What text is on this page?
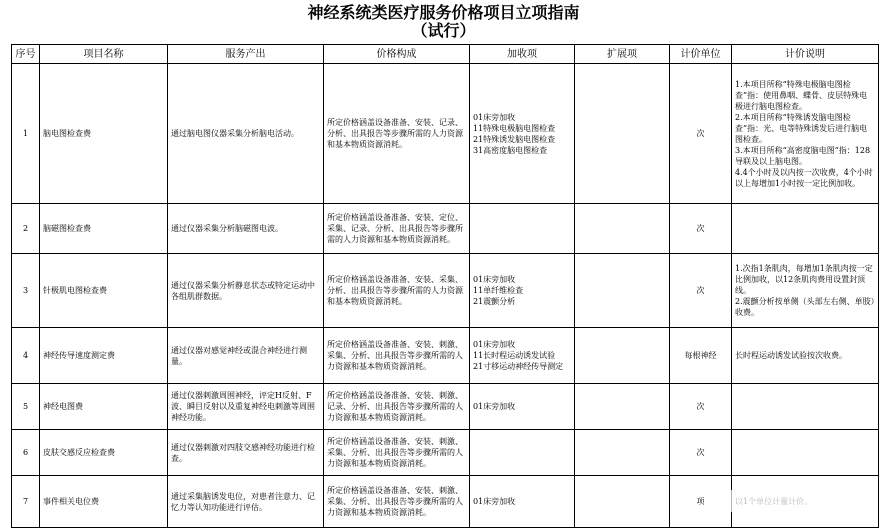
神经系统类医疗服务价格项目立项指南
（试行）
序号	项目名称	服务产出	价格构成	加收项	扩展项	计价单位	计价说明
1	脑电图检查费	通过脑电图仪器采集分析脑电活动。	所定价格涵盖设备准备、安装、记录、分析、出具报告等步骤所需的人力资源和基本物质资源消耗。	01床旁加收
11特殊电极脑电图检查
21特殊诱发脑电图检查
31高密度脑电图检查		次	1.本项目所称“特殊电极脑电图检查”指：使用鼻咽、蝶骨、皮层特殊电极进行脑电图检查。
2.本项目所称“特殊诱发脑电图检查”指：光、电等特殊诱发后进行脑电图检查。
3.本项目所称“高密度脑电图”指：128导联及以上脑电图。
4.4个小时及以内按一次收费，4个小时以上每增加1小时按一定比例加收。

2	脑磁图检查费	通过仪器采集分析脑磁图电波。	所定价格涵盖设备准备、安装、定位、采集、记录、分析、出具报告等步骤所需的人力资源和基本物质资源消耗。			次	
3	针极肌电图检查费	通过仪器采集分析静息状态或特定运动中各组肌群数据。	所定价格涵盖设备准备、安装、采集、分析、出具报告等步骤所需的人力资源和基本物质资源消耗。	01床旁加收
11单纤维检查
21震颤分析		次	1.次指1条肌肉，每增加1条肌肉按一定比例加收，以12条肌肉费用设置封顶线。
2.震颤分析按单侧（头部左右侧、单肢）收费。

4	神经传导速度测定费	通过仪器对感觉神经或混合神经进行测量。	所定价格涵盖设备准备、安装、刺激、采集、分析、出具报告等步骤所需的人力资源和基本物质资源消耗。	01床旁加收
11长时程运动诱发试验
21寸移运动神经传导测定		每根神经	长时程运动诱发试验按次收费。

5	神经电图费	通过仪器刺激周围神经，评定H反射、F波、瞬目反射以及重复神经电刺激等周围神经功能。	所定价格涵盖设备准备、安装、刺激、记录、分析、出具报告等步骤所需的人力资源和基本物质资源消耗。	01床旁加收		次	
6	皮肤交感反应检查费	通过仪器刺激对四肢交感神经功能进行检查。	所定价格涵盖设备准备、安装、刺激、采集、分析、出具报告等步骤所需的人力资源和基本物质资源消耗。			次	
7	事件相关电位费	通过采集脑诱发电位，对患者注意力、记忆力等认知功能进行评估。	所定价格涵盖设备准备、安装、刺激、采集、分析、出具报告等步骤所需的人力资源和基本物质资源消耗。	01床旁加收		项	
